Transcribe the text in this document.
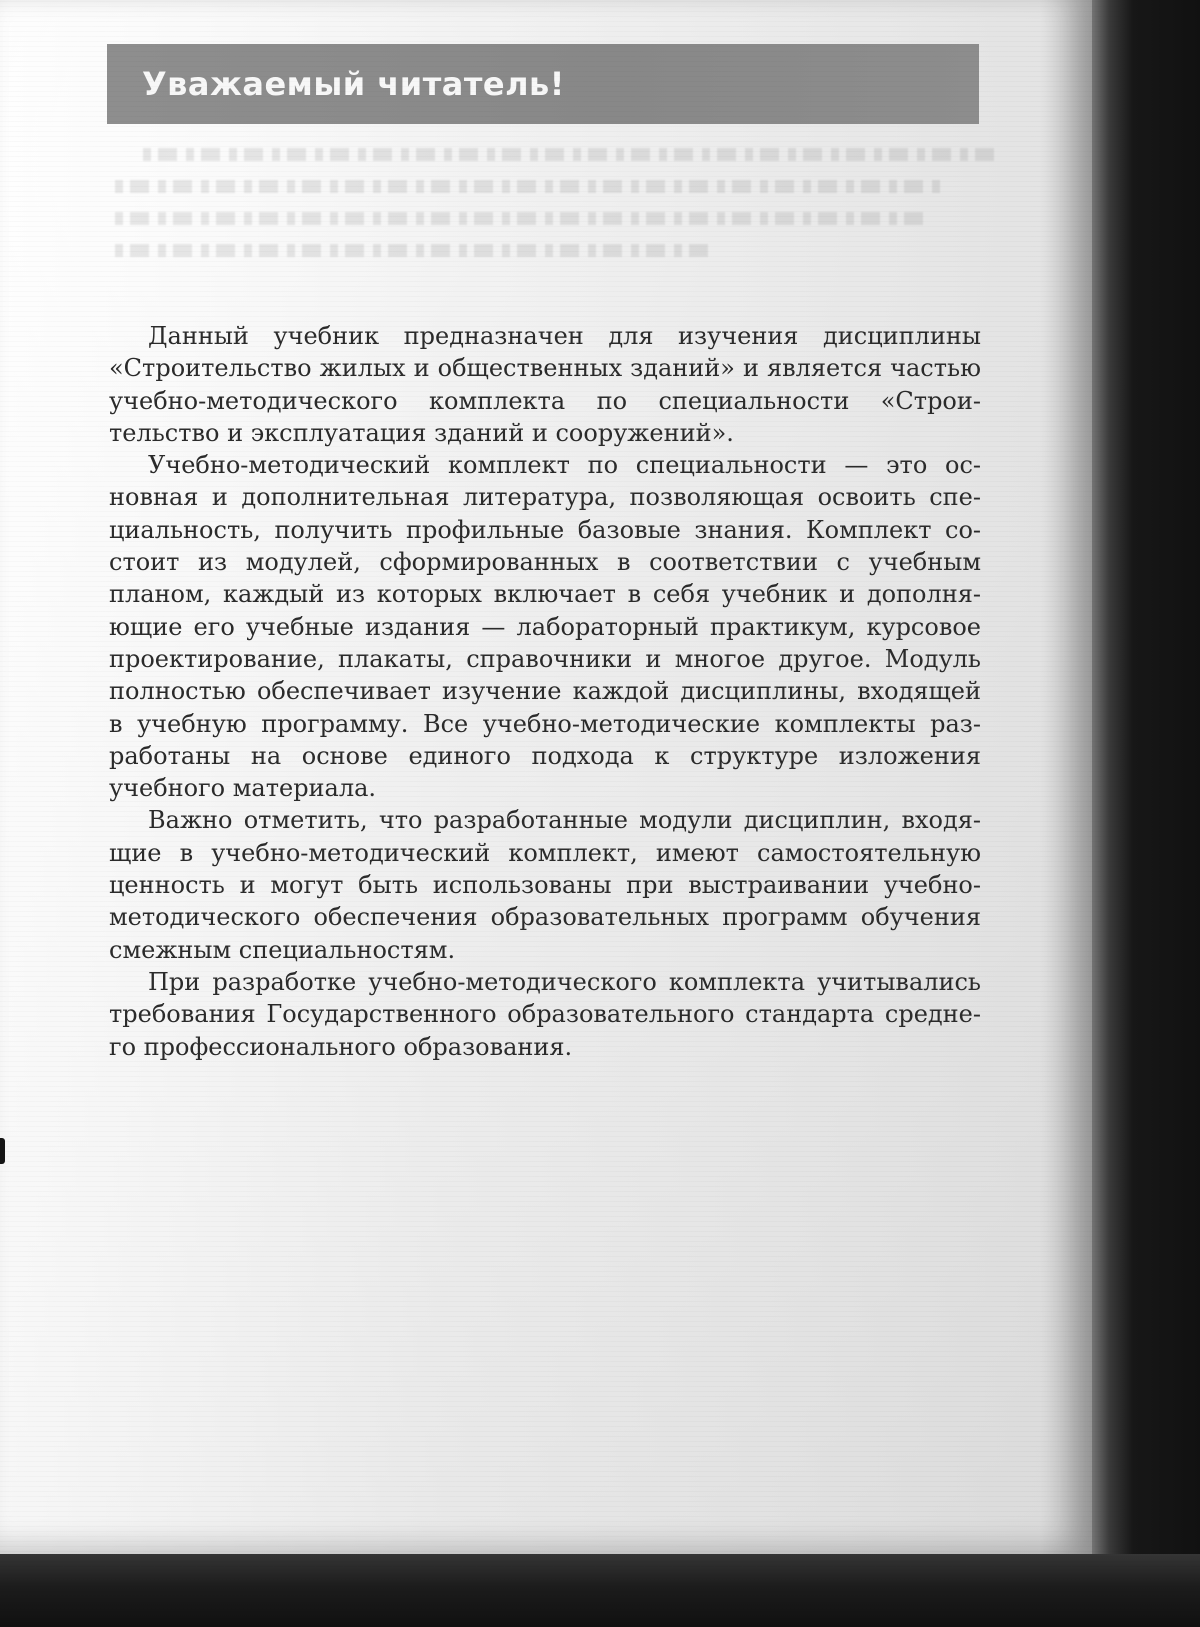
Уважаемый читатель!

Данный учебник предназначен для изучения дисциплины «Строительство жилых и общественных зданий» и является частью учебно-методического комплекта по специальности «Строительство и эксплуатация зданий и сооружений».

Учебно-методический комплект по специальности — это основная и дополнительная литература, позволяющая освоить специальность, получить профильные базовые знания. Комплект состоит из модулей, сформированных в соответствии с учебным планом, каждый из которых включает в себя учебник и дополняющие его учебные издания — лабораторный практикум, курсовое проектирование, плакаты, справочники и многое другое. Модуль полностью обеспечивает изучение каждой дисциплины, входящей в учебную программу. Все учебно-методические комплекты разработаны на основе единого подхода к структуре изложения учебного материала.

Важно отметить, что разработанные модули дисциплин, входящие в учебно-методический комплект, имеют самостоятельную ценность и могут быть использованы при выстраивании учебнометодического обеспечения образовательных программ обучения смежным специальностям.

При разработке учебно-методического комплекта учитывались требования Государственного образовательного стандарта среднего профессионального образования.
